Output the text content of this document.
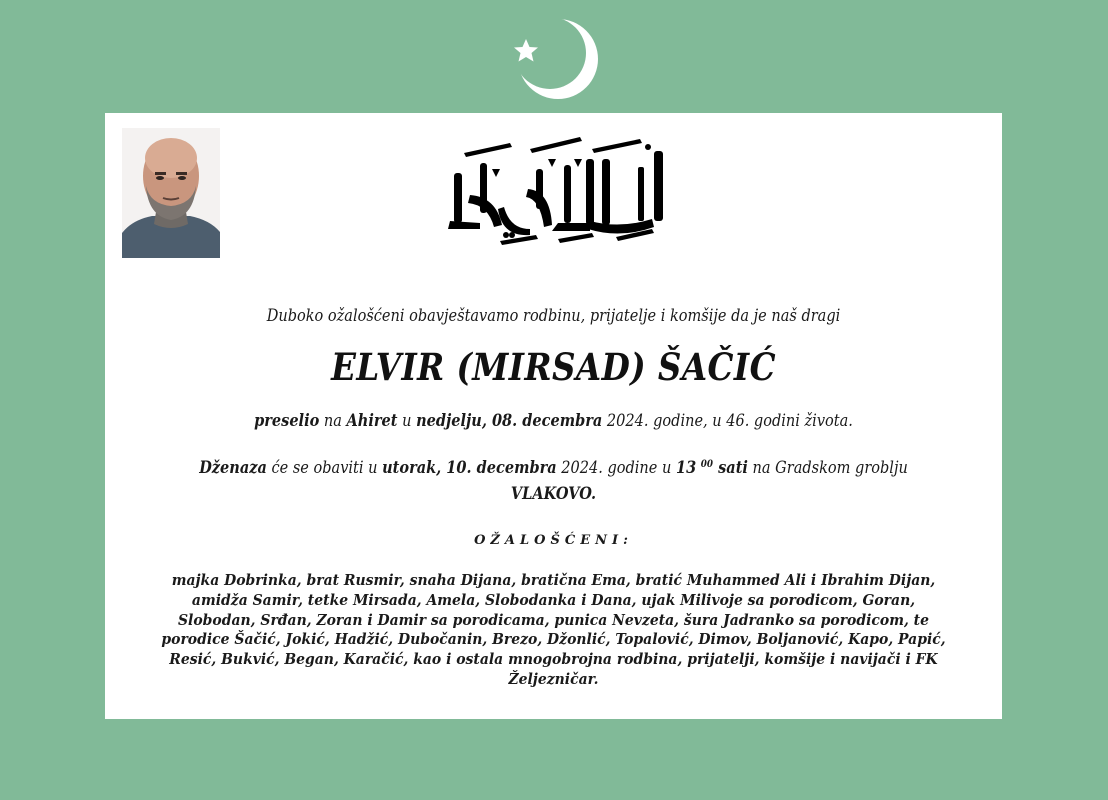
Duboko ožalošćeni obavještavamo rodbinu, prijatelje i komšije da je naš dragi
ELVIR (MIRSAD) ŠAČIĆ
preselio na Ahiret u nedjelju, 08. decembra 2024. godine, u 46. godini života.
Dženaza će se obaviti u utorak, 10. decembra 2024. godine u 13 $^{00}$ sati na Gradskom groblju
VLAKOVO.
OŽALOŠĆENI:
majka Dobrinka, brat Rusmir, snaha Dijana, bratična Ema, bratić Muhammed Ali i Ibrahim Dijan,
amidža Samir, tetke Mirsada, Amela, Slobodanka i Dana, ujak Milivoje sa porodicom, Goran,
Slobodan, Srđan, Zoran i Damir sa porodicama, punica Nevzeta, šura Jadranko sa porodicom, te
porodice Šačić, Jokić, Hadžić, Dubočanin, Brezo, Džonlić, Topalović, Dimov, Boljanović, Kapo, Papić,
Resić, Bukvić, Began, Karačić, kao i ostala mnogobrojna rodbina, prijatelji, komšije i navijači i FK
Željezničar.
